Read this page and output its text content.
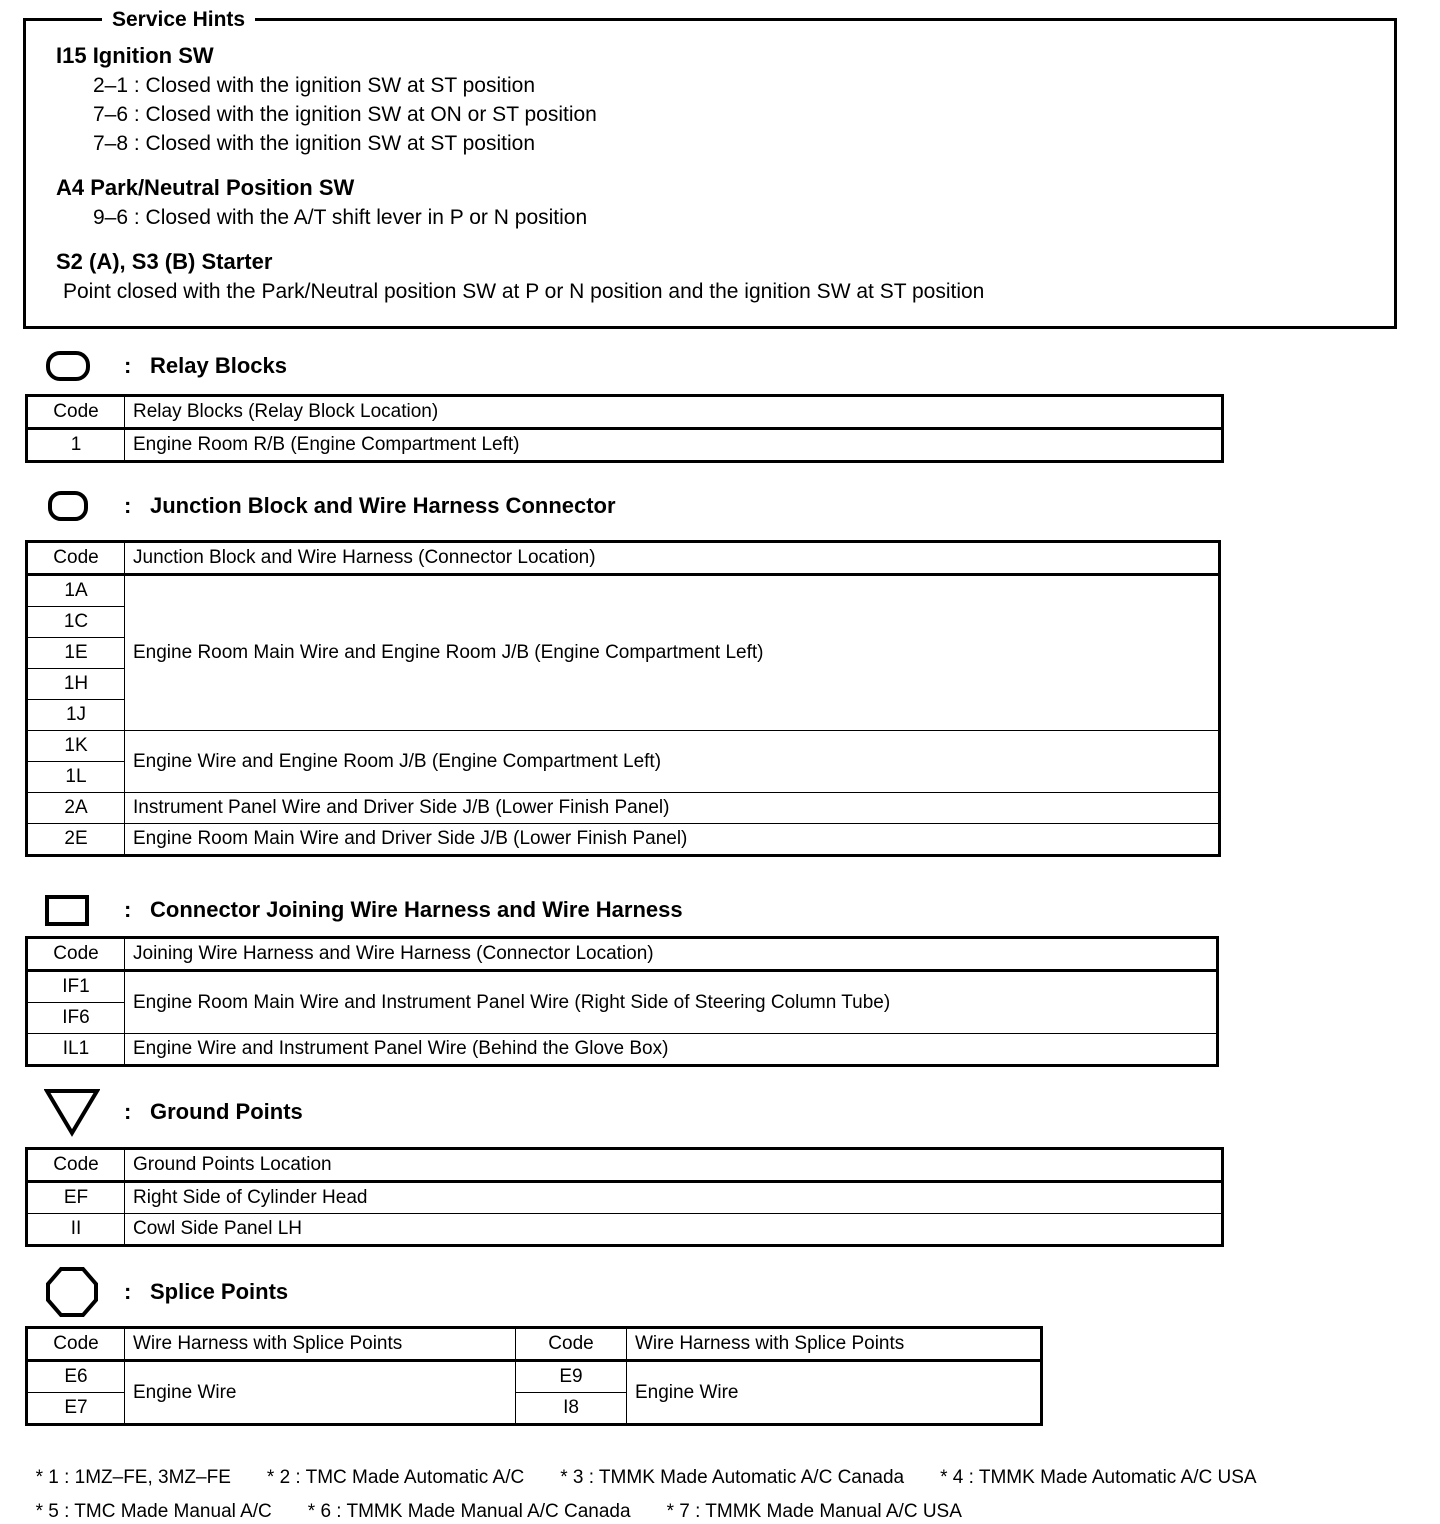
Service Hints
I15 Ignition SW
2–1 : Closed with the ignition SW at ST position
7–6 : Closed with the ignition SW at ON or ST position
7–8 : Closed with the ignition SW at ST position
A4 Park/Neutral Position SW
9–6 : Closed with the A/T shift lever in P or N position
S2 (A), S3 (B) Starter
Point closed with the Park/Neutral position SW at P or N position and the ignition SW at ST position
: Relay Blocks
Code	Relay Blocks (Relay Block Location)
1	Engine Room R/B (Engine Compartment Left)
: Junction Block and Wire Harness Connector
Code	Junction Block and Wire Harness (Connector Location)
1A	Engine Room Main Wire and Engine Room J/B (Engine Compartment Left)
1C	
1E	
1H	
1J	
1K	Engine Wire and Engine Room J/B (Engine Compartment Left)
1L	
2A	Instrument Panel Wire and Driver Side J/B (Lower Finish Panel)
2E	Engine Room Main Wire and Driver Side J/B (Lower Finish Panel)
: Connector Joining Wire Harness and Wire Harness
Code	Joining Wire Harness and Wire Harness (Connector Location)
IF1	Engine Room Main Wire and Instrument Panel Wire (Right Side of Steering Column Tube)
IF6	
IL1	Engine Wire and Instrument Panel Wire (Behind the Glove Box)
: Ground Points
Code	Ground Points Location
EF	Right Side of Cylinder Head
II	Cowl Side Panel LH
: Splice Points
Code	Wire Harness with Splice Points	Code	Wire Harness with Splice Points
E6	Engine Wire	E9	Engine Wire
E7		I8	

* 1 : 1MZ–FE, 3MZ–FE * 2 : TMC Made Automatic A/C * 3 : TMMK Made Automatic A/C Canada * 4 : TMMK Made Automatic A/C USA

* 5 : TMC Made Manual A/C * 6 : TMMK Made Manual A/C Canada * 7 : TMMK Made Manual A/C USA
